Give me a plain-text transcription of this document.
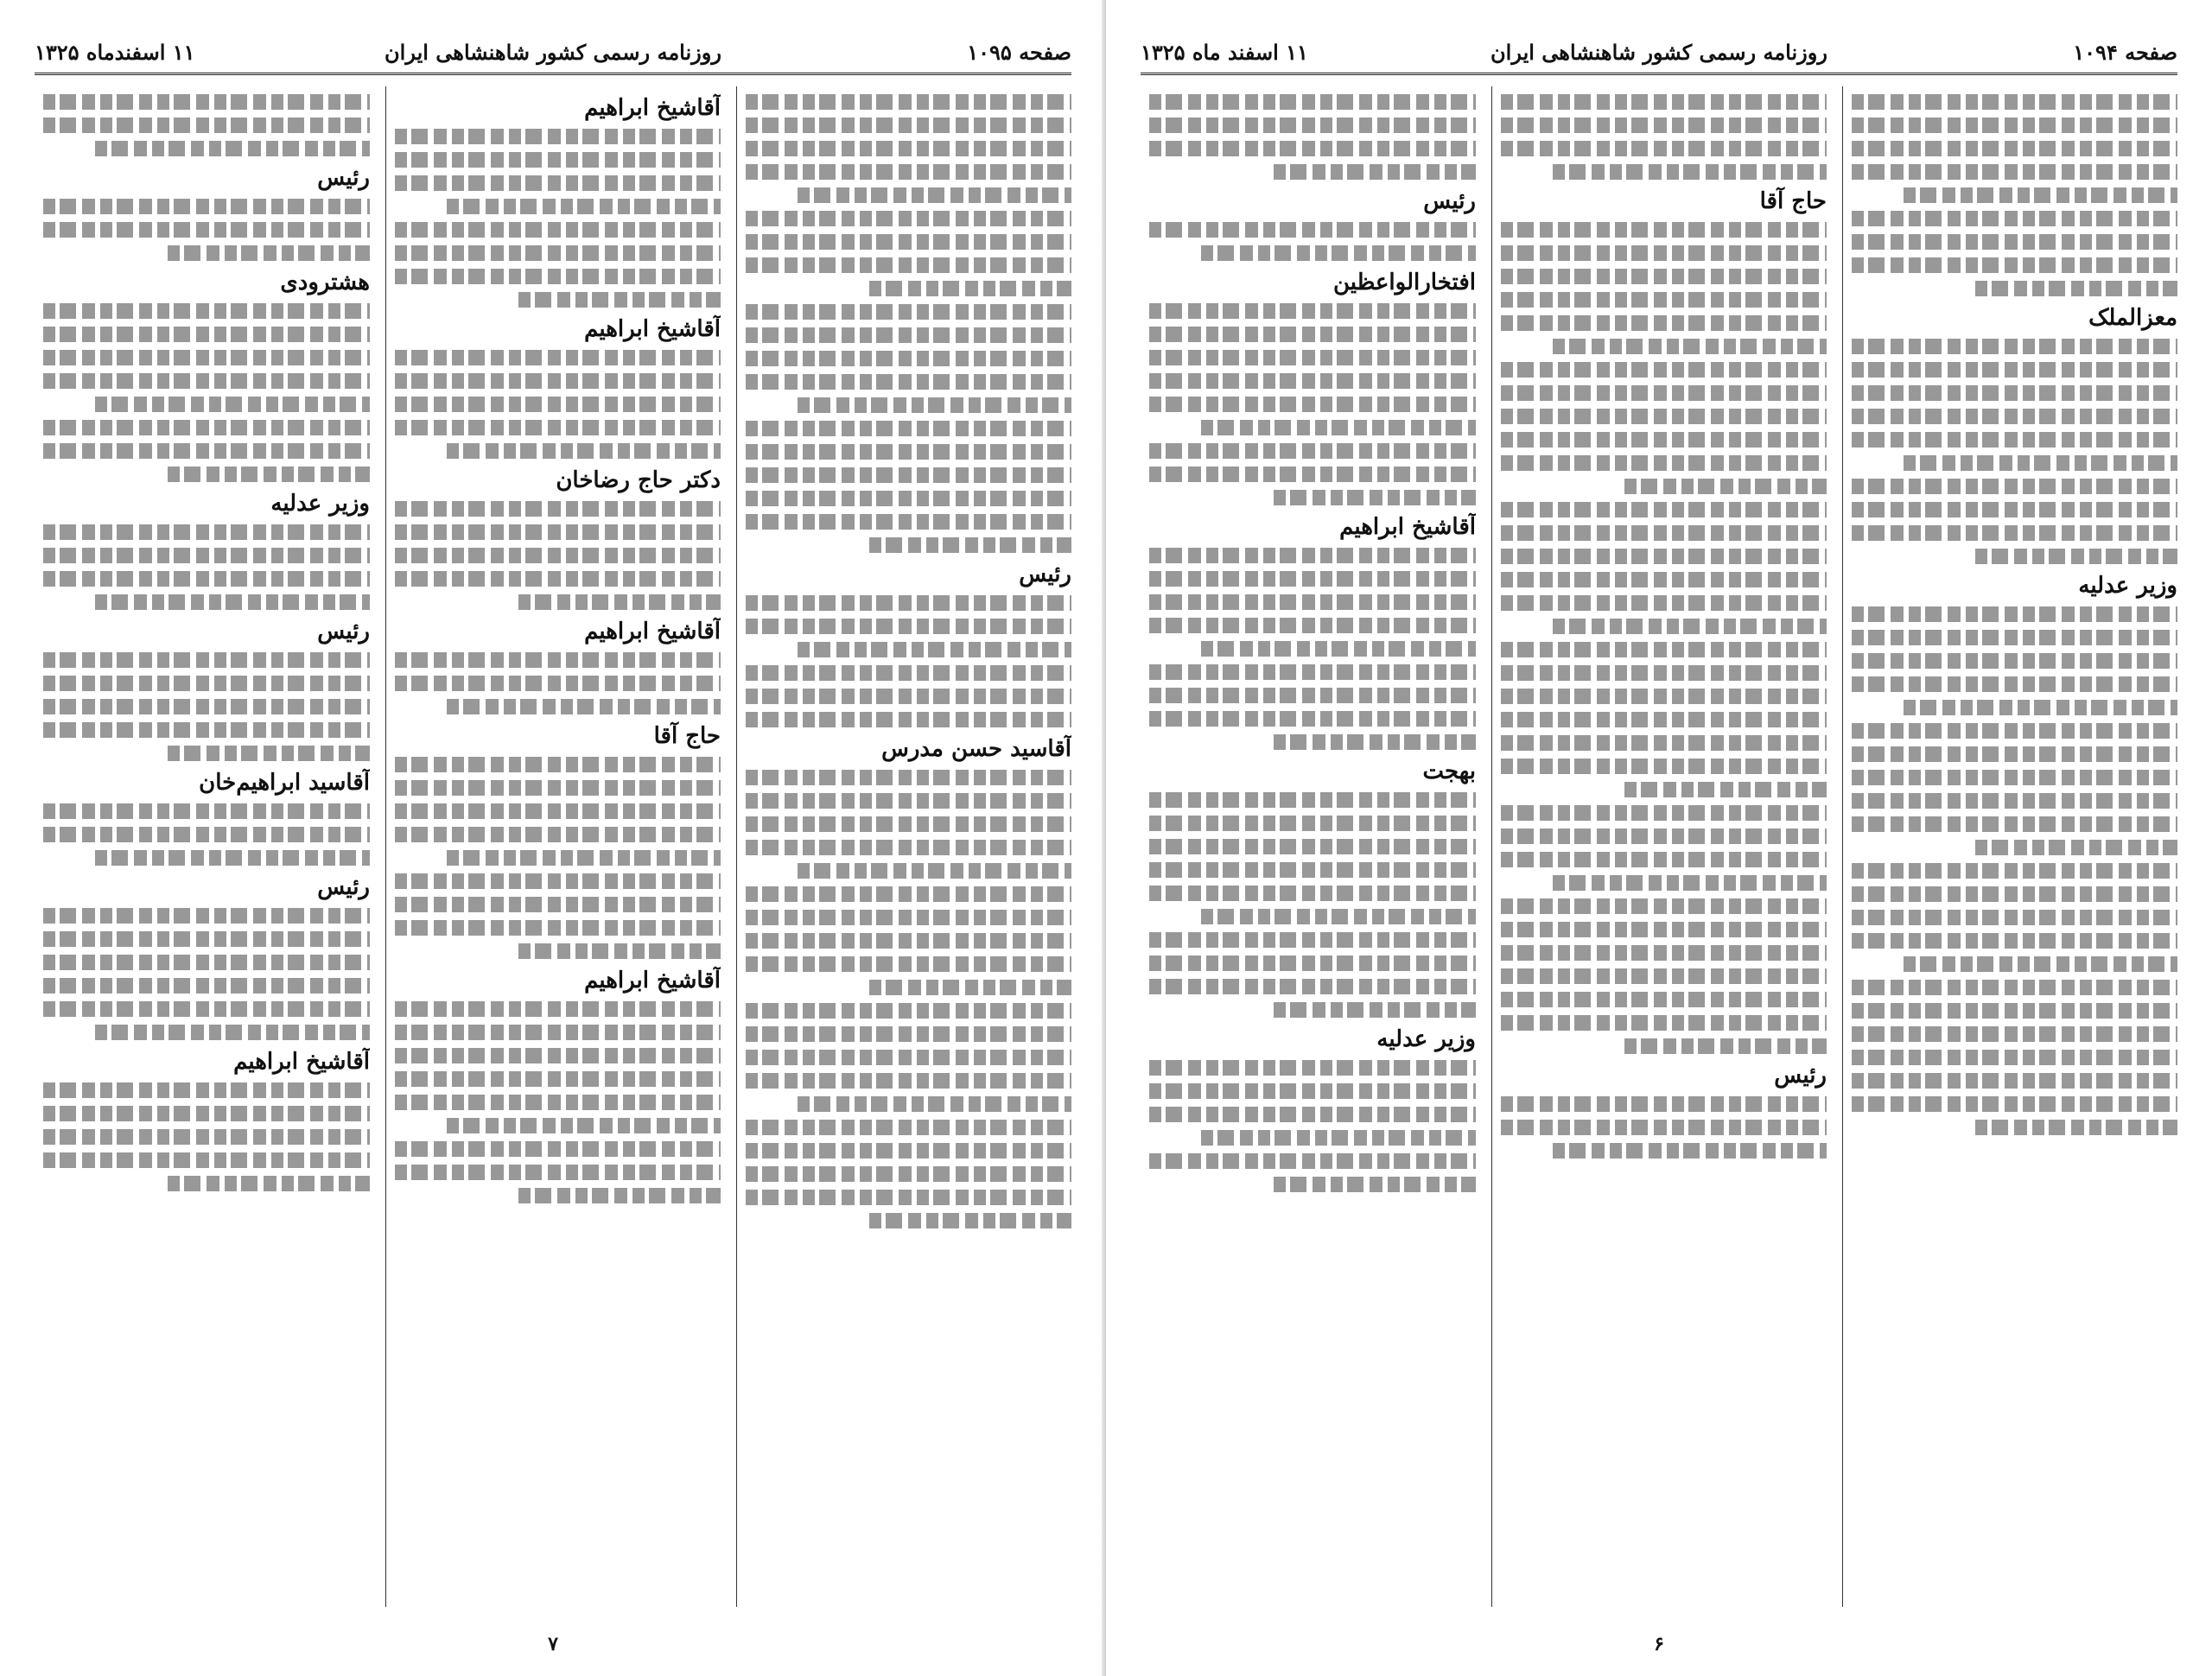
صفحه ۱۰۹۵
روزنامه رسمی کشور شاهنشاهی ایران
۱۱ اسفندماه ۱۳۲۵
رئیس
آقاسید حسن مدرس
آقاشیخ ابراهیم
آقاشیخ ابراهیم
دکتر حاج رضاخان
آقاشیخ ابراهیم
حاج آقا
آقاشیخ ابراهیم
رئیس
هشترودی
وزیر عدلیه
رئیس
آقاسید ابراهیم‌خان
رئیس
آقاشیخ ابراهیم
۷
صفحه ۱۰۹۴
روزنامه رسمی کشور شاهنشاهی ایران
۱۱ اسفند ماه ۱۳۲۵
معزالملک
وزیر عدلیه
حاج آقا
رئیس
رئیس
افتخارالواعظین
آقاشیخ ابراهیم
بهجت
وزیر عدلیه
۶
